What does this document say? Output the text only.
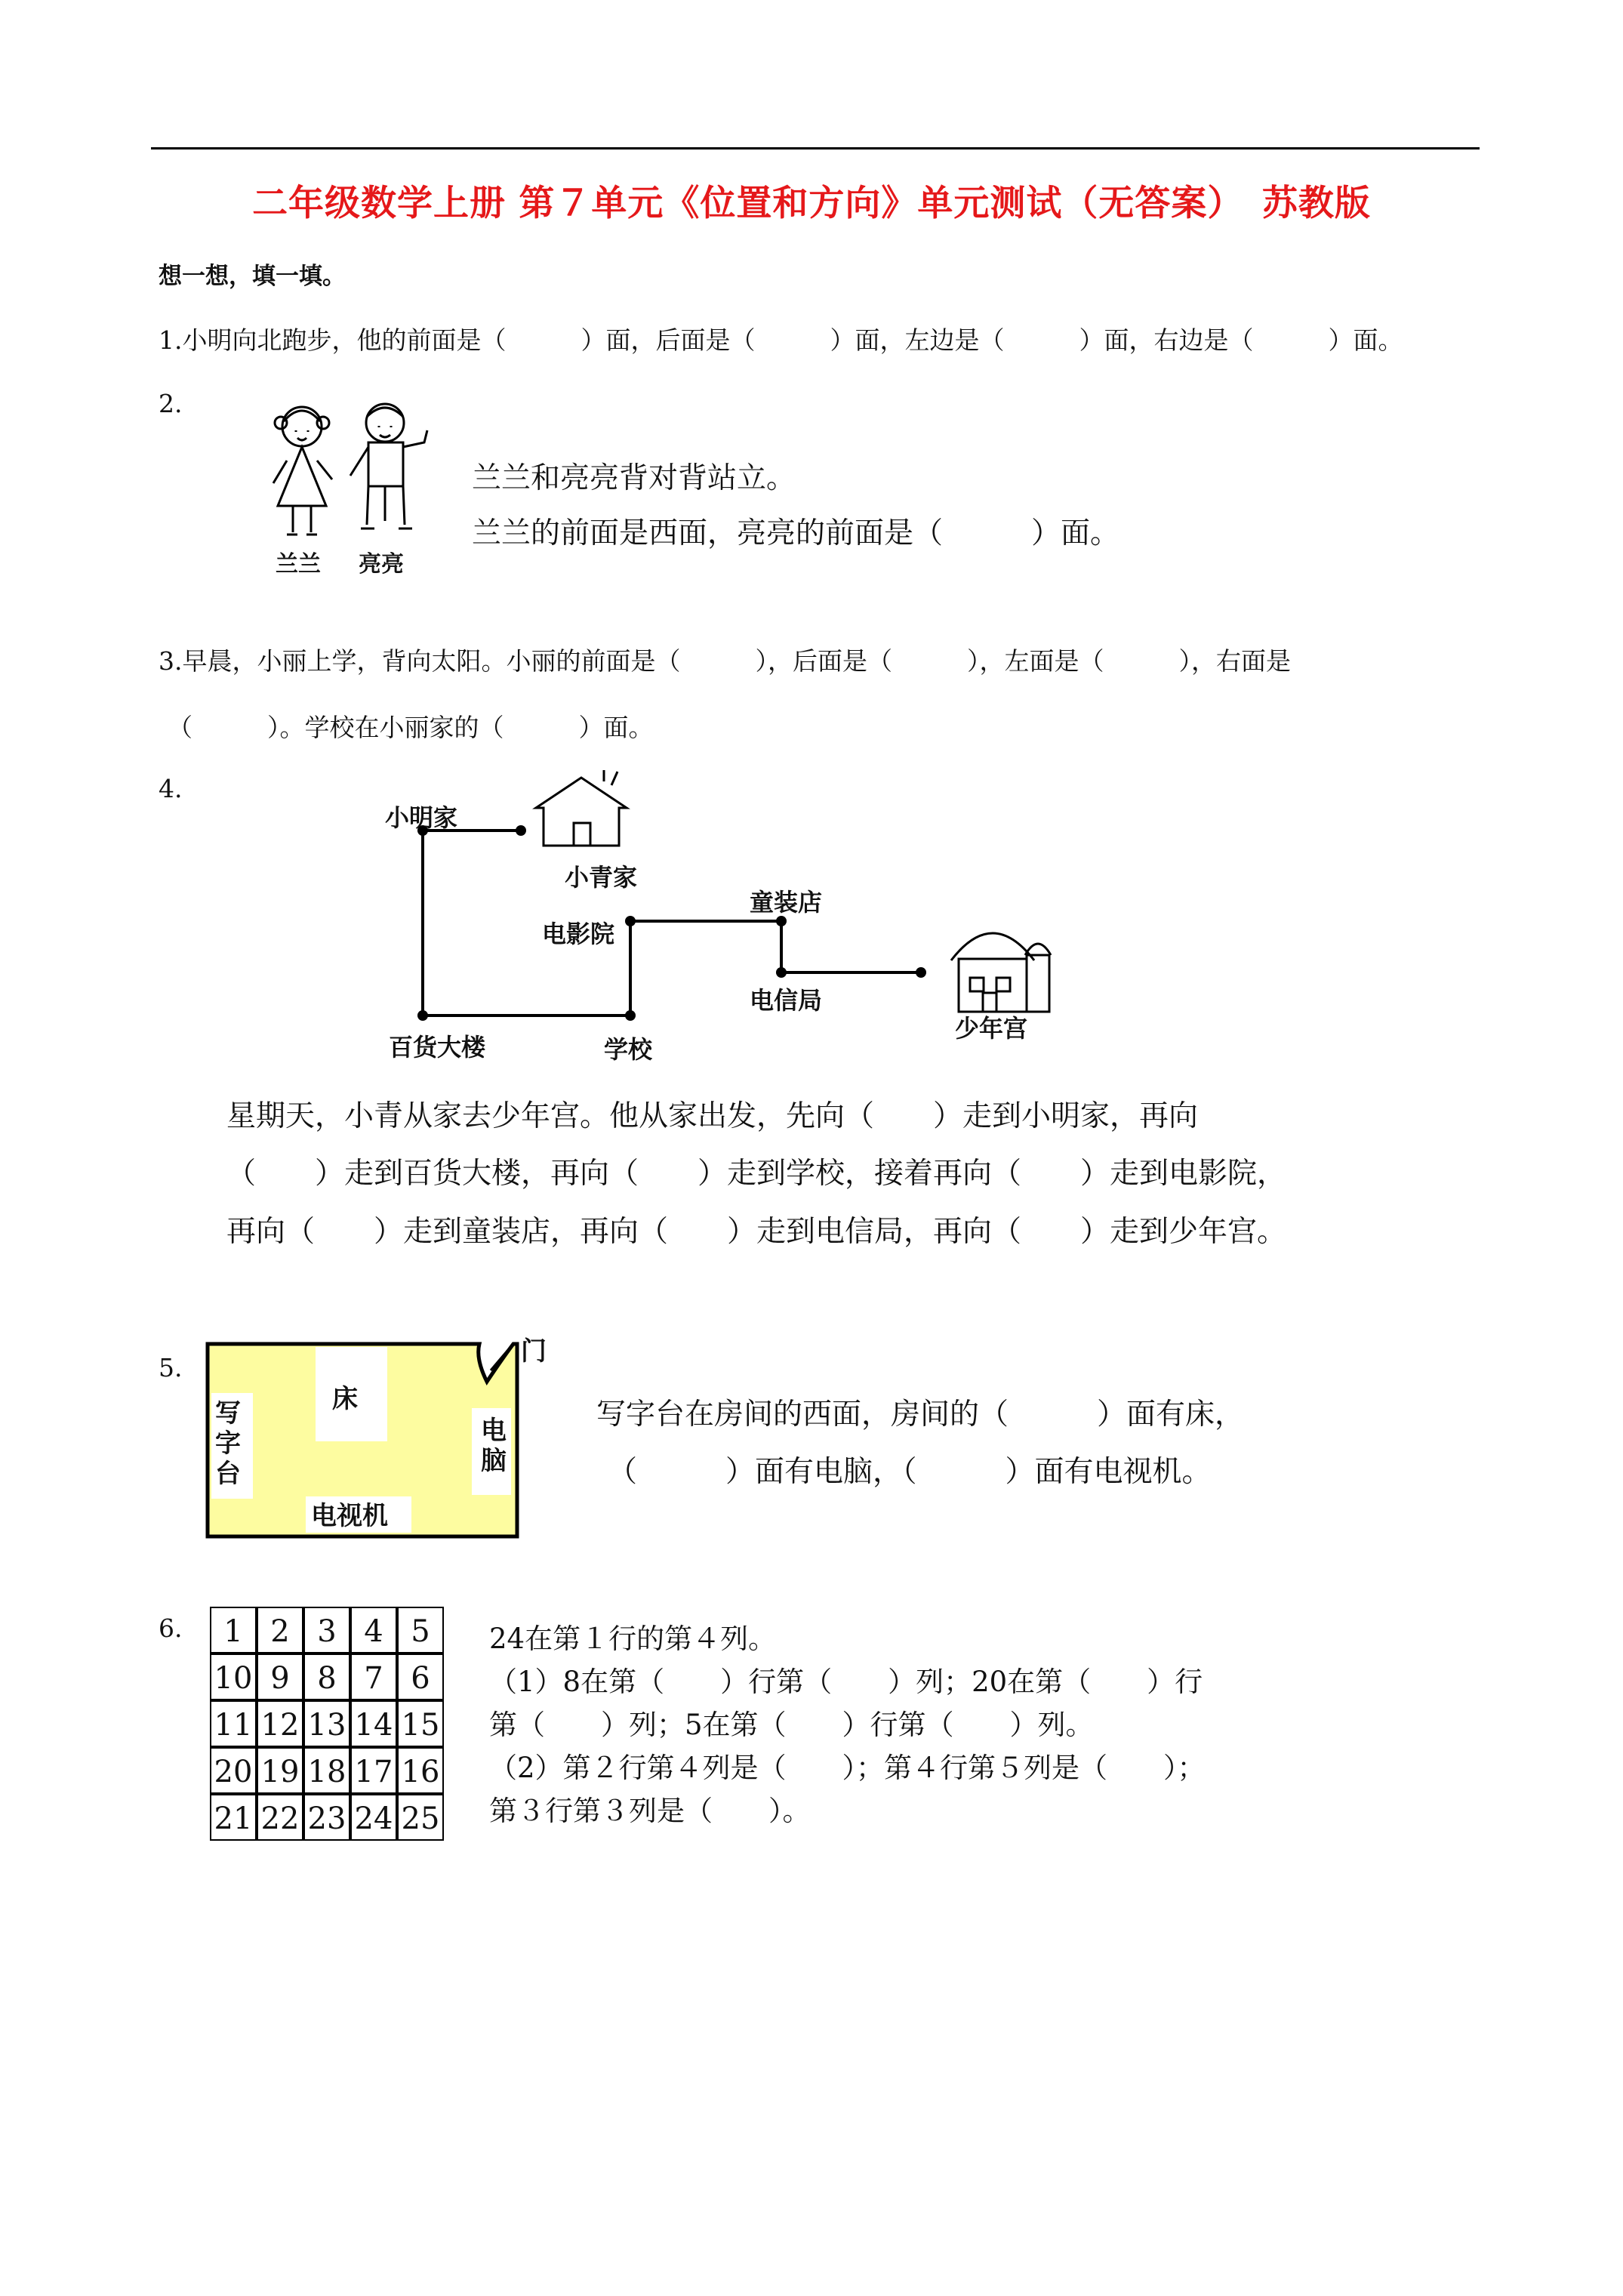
二年级数学上册 第７单元《位置和方向》单元测试（无答案）　苏教版
想一想，填一填。
1.小明向北跑步，他的前面是（　　　）面，后面是（　　　）面，左边是（　　　）面，右边是（　　　）面。
2.
兰兰 亮亮
兰兰和亮亮背对背站立。
兰兰的前面是西面，亮亮的前面是（　　　）面。
3.早晨，小丽上学，背向太阳。小丽的前面是（　　　），后面是（　　　），左面是（　　　），右面是
（　　　）。学校在小丽家的（　　　）面。
4.
小明家
小青家
电影院
童装店
电信局
少年宫
百货大楼	学校
星期天，小青从家去少年宫。他从家出发，先向（　　）走到小明家，再向
（　　）走到百货大楼，再向（　　）走到学校，接着再向（　　）走到电影院，
再向（　　）走到童装店，再向（　　）走到电信局，再向（　　）走到少年宫。
5.
门
床
写字台
电脑
电视机
写字台在房间的西面，房间的（　　　）面有床，
（　　　）面有电脑，（　　　）面有电视机。
6.	1 2 3 4 5
10 9 8 7 6
11 12 13 14 15
20 19 18 17 16
21 22 23 24 25
24在第１行的第４列。
（1）8在第（　　）行第（　　）列；20在第（　　）行
第（　　）列；5在第（　　）行第（　　）列。
（2）第２行第４列是（　　）；第４行第５列是（　　）；
第３行第３列是（　　）。
